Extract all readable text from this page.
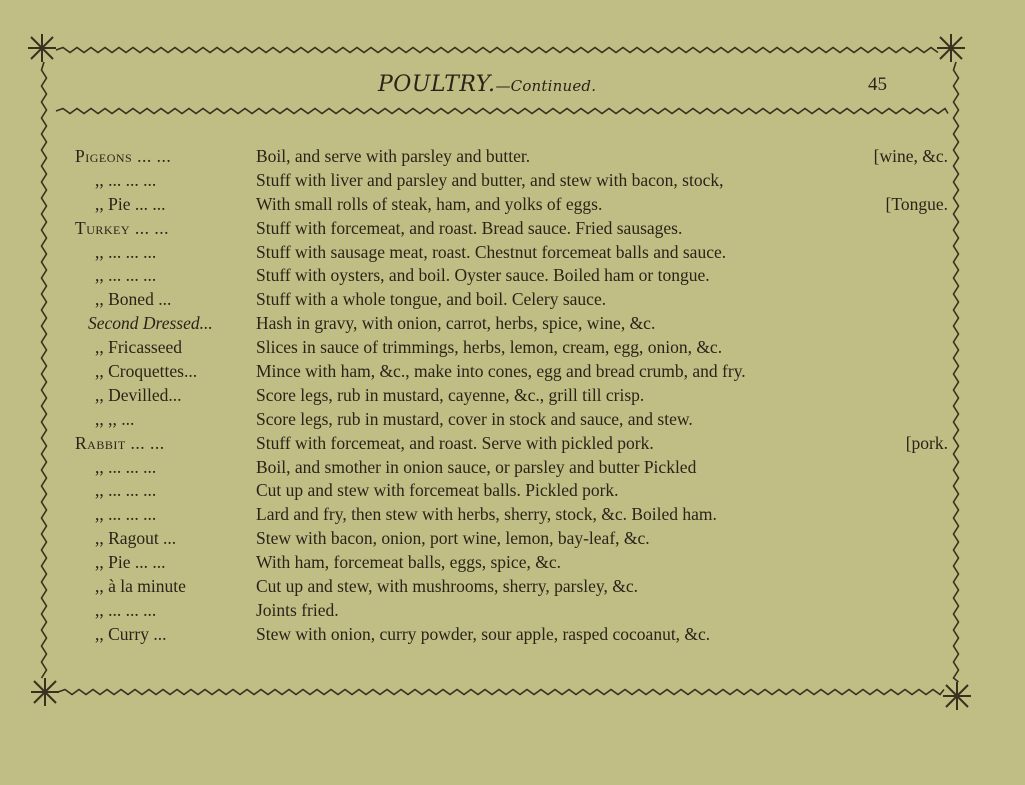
POULTRY.—Continued.	45
Pigeons ... ...	Boil, and serve with parsley and butter.	[wine, &c.
,, ... ... ...	Stuff with liver and parsley and butter, and stew with bacon, stock,
,, Pie ... ...	With small rolls of steak, ham, and yolks of eggs.	[Tongue.
Turkey ... ...	Stuff with forcemeat, and roast. Bread sauce. Fried sausages.
,, ... ... ...	Stuff with sausage meat, roast. Chestnut forcemeat balls and sauce.
,, ... ... ...	Stuff with oysters, and boil. Oyster sauce. Boiled ham or tongue.
,, Boned ...	Stuff with a whole tongue, and boil. Celery sauce.
Second Dressed...	Hash in gravy, with onion, carrot, herbs, spice, wine, &c.
,, Fricasseed	Slices in sauce of trimmings, herbs, lemon, cream, egg, onion, &c.
,, Croquettes...	Mince with ham, &c., make into cones, egg and bread crumb, and fry.
,, Devilled...	Score legs, rub in mustard, cayenne, &c., grill till crisp.
,, ,, ...	Score legs, rub in mustard, cover in stock and sauce, and stew.
Rabbit ... ...	Stuff with forcemeat, and roast. Serve with pickled pork.	[pork.
,, ... ... ...	Boil, and smother in onion sauce, or parsley and butter Pickled
,, ... ... ...	Cut up and stew with forcemeat balls. Pickled pork.
,, ... ... ...	Lard and fry, then stew with herbs, sherry, stock, &c. Boiled ham.
,, Ragout ...	Stew with bacon, onion, port wine, lemon, bay-leaf, &c.
,, Pie ... ...	With ham, forcemeat balls, eggs, spice, &c.
,, à la minute	Cut up and stew, with mushrooms, sherry, parsley, &c.
,, ... ... ...	Joints fried.
,, Curry ...	Stew with onion, curry powder, sour apple, rasped cocoanut, &c.
